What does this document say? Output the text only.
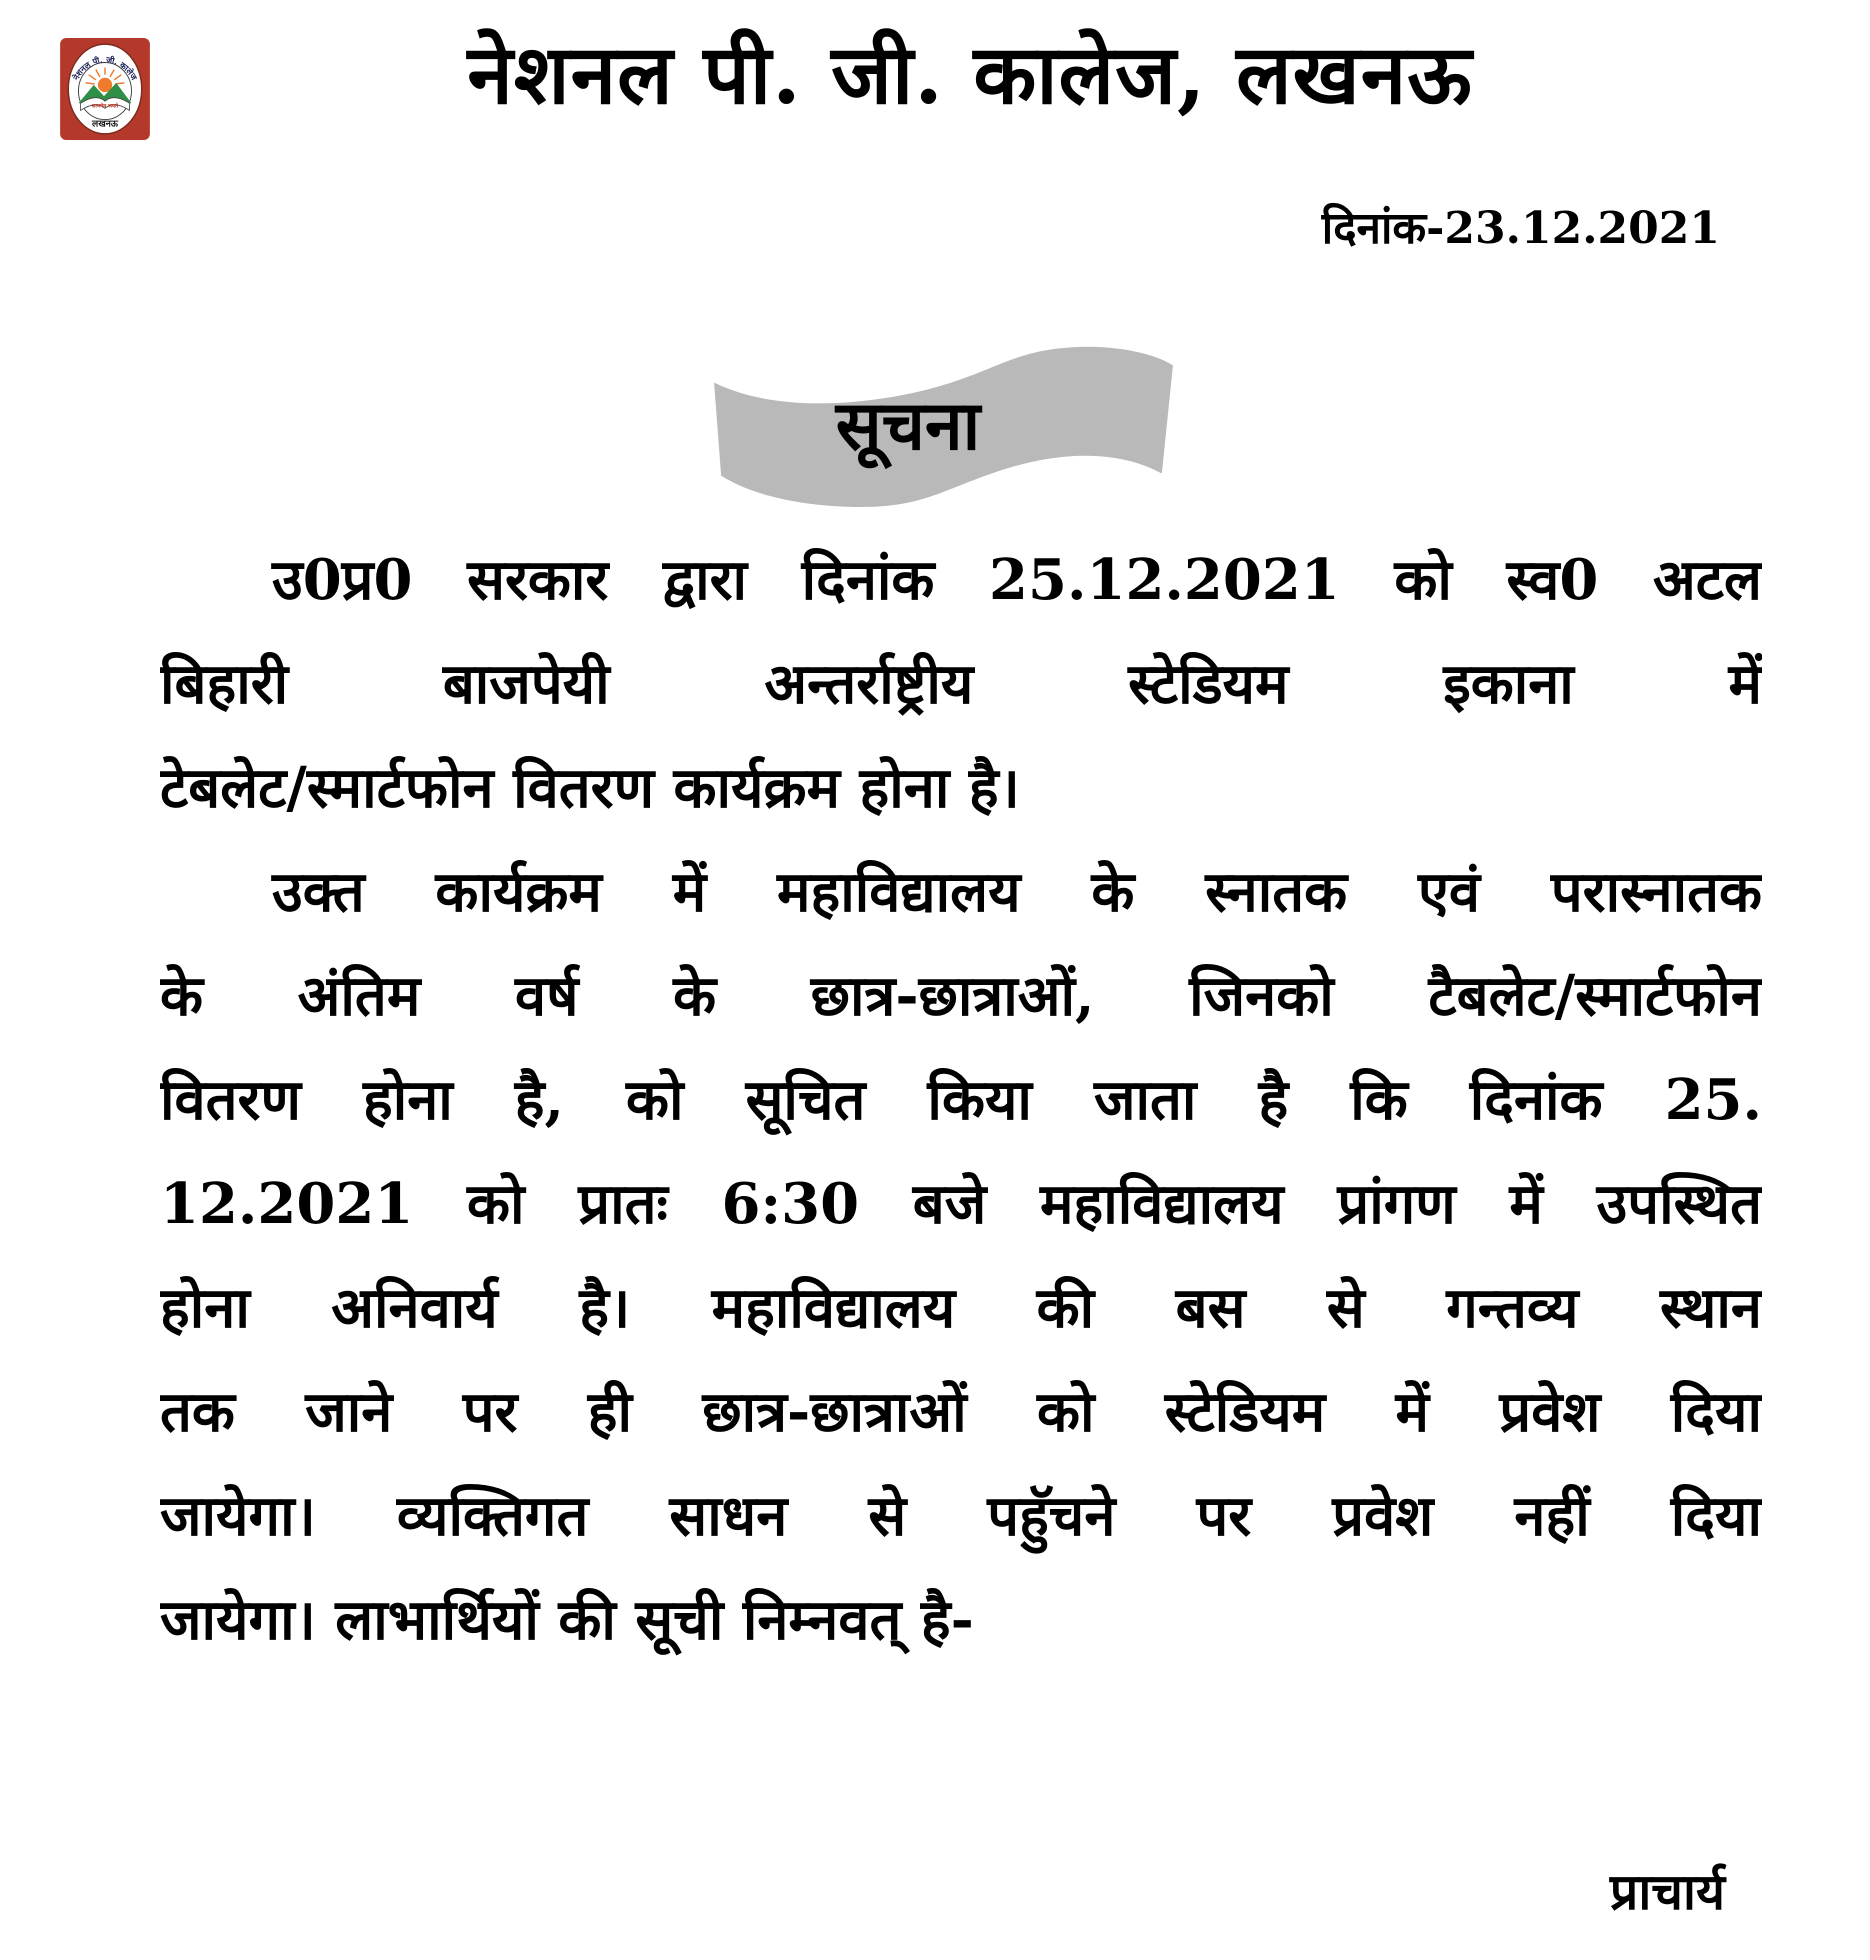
नेशनल पी. जी. कालेज
सत्यमेव जयते
लखनऊ
नेशनल पी. जी. कालेज, लखनऊ
दिनांक-23.12.2021
सूचना
उ0प्र0 सरकार द्वारा दिनांक 25.12.2021 को स्व0 अटल
बिहारी बाजपेयी अन्तर्राष्ट्रीय स्टेडियम इकाना में
टेबलेट/स्मार्टफोन वितरण कार्यक्रम होना है।
उक्त कार्यक्रम में महाविद्यालय के स्नातक एवं परास्नातक
के अंतिम वर्ष के छात्र-छात्राओं, जिनको टैबलेट/स्मार्टफोन
वितरण होना है, को सूचित किया जाता है कि दिनांक 25.
12.2021 को प्रातः 6:30 बजे महाविद्यालय प्रांगण में उपस्थित
होना अनिवार्य है। महाविद्यालय की बस से गन्तव्य स्थान
तक जाने पर ही छात्र-छात्राओं को स्टेडियम में प्रवेश दिया
जायेगा। व्यक्तिगत साधन से पहुॅचने पर प्रवेश नहीं दिया
जायेगा। लाभार्थियों की सूची निम्नवत् है-
प्राचार्य
